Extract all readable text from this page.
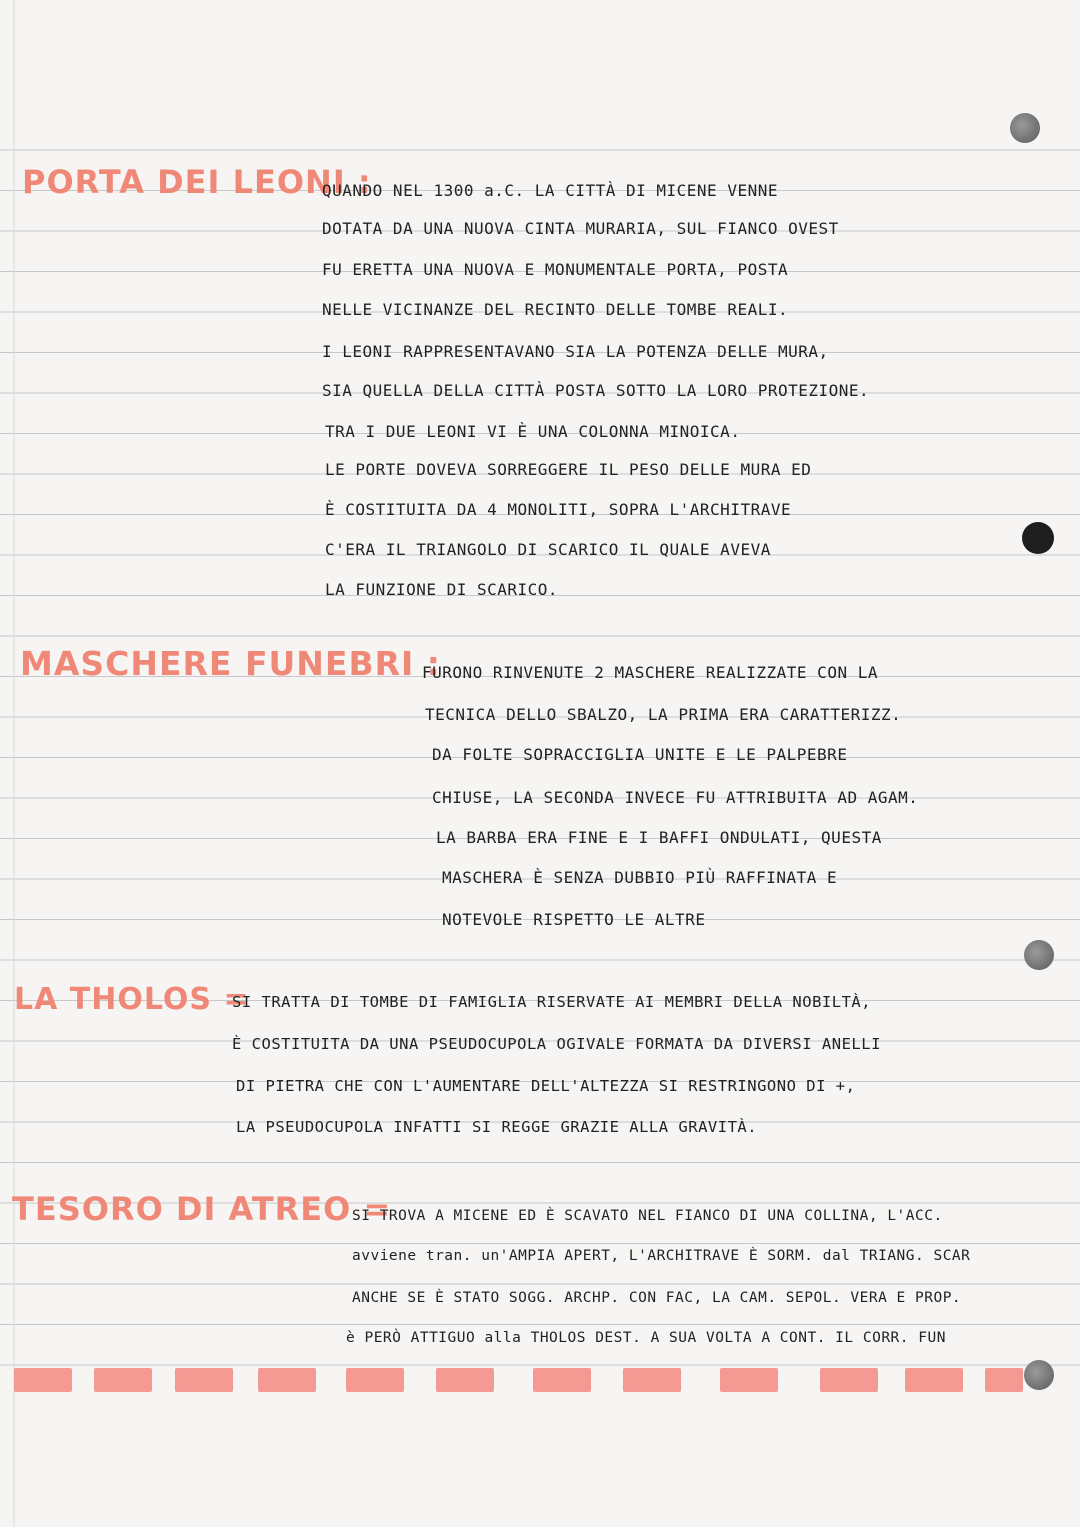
PORTA DEI LEONI :
QUANDO NEL 1300 a.C. LA CITTÀ DI MICENE VENNE
DOTATA DA UNA NUOVA CINTA MURARIA, SUL FIANCO OVEST
FU ERETTA UNA NUOVA E MONUMENTALE PORTA, POSTA
NELLE VICINANZE DEL RECINTO DELLE TOMBE REALI.
I LEONI RAPPRESENTAVANO SIA LA POTENZA DELLE MURA,
SIA QUELLA DELLA CITTÀ POSTA SOTTO LA LORO PROTEZIONE.
TRA I DUE LEONI VI È UNA COLONNA MINOICA.
LE PORTE DOVEVA SORREGGERE IL PESO DELLE MURA ED
È COSTITUITA DA 4 MONOLITI, SOPRA L'ARCHITRAVE
C'ERA IL TRIANGOLO DI SCARICO IL QUALE AVEVA
LA FUNZIONE DI SCARICO.
MASCHERE FUNEBRI :
FURONO RINVENUTE 2 MASCHERE REALIZZATE CON LA
TECNICA DELLO SBALZO, LA PRIMA ERA CARATTERIZZ.
DA FOLTE SOPRACCIGLIA UNITE E LE PALPEBRE
CHIUSE, LA SECONDA INVECE FU ATTRIBUITA AD AGAM.
LA BARBA ERA FINE E I BAFFI ONDULATI, QUESTA
MASCHERA È SENZA DUBBIO PIÙ RAFFINATA E
NOTEVOLE RISPETTO LE ALTRE
LA THOLOS =
SI TRATTA DI TOMBE DI FAMIGLIA RISERVATE AI MEMBRI DELLA NOBILTÀ,
È COSTITUITA DA UNA PSEUDOCUPOLA OGIVALE FORMATA DA DIVERSI ANELLI
DI PIETRA CHE CON L'AUMENTARE DELL'ALTEZZA SI RESTRINGONO DI +,
LA PSEUDOCUPOLA INFATTI SI REGGE GRAZIE ALLA GRAVITÀ.
TESORO DI ATREO =
SI TROVA A MICENE ED È SCAVATO NEL FIANCO DI UNA COLLINA, L'ACC.
avviene tran. un'AMPIA APERT, L'ARCHITRAVE È SORM. dal TRIANG. SCAR
ANCHE SE È STATO SOGG. ARCHP. CON FAC, LA CAM. SEPOL. VERA E PROP.
è PERÒ ATTIGUO alla THOLOS DEST. A SUA VOLTA A CONT. IL CORR. FUN
